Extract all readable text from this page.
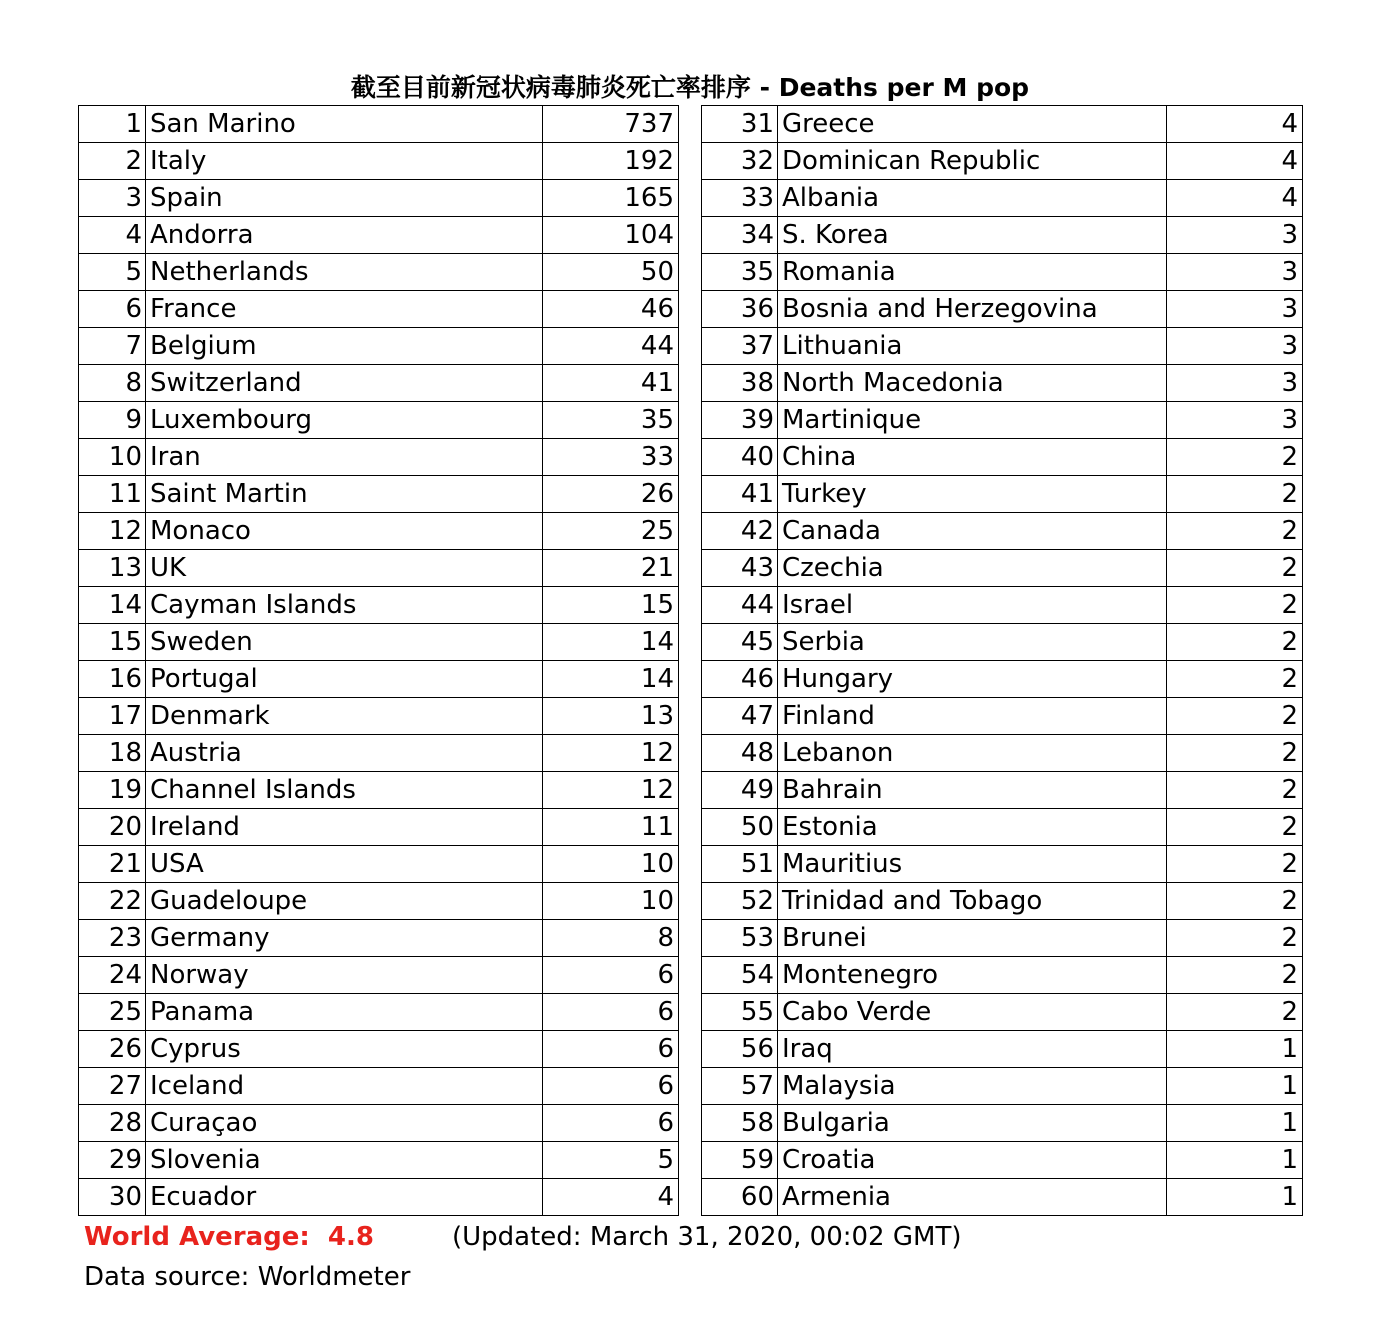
截至目前新冠状病毒肺炎死亡率排序 - Deaths per M pop
1	San Marino	737
2	Italy	192
3	Spain	165
4	Andorra	104
5	Netherlands	50
6	France	46
7	Belgium	44
8	Switzerland	41
9	Luxembourg	35
10	Iran	33
11	Saint Martin	26
12	Monaco	25
13	UK	21
14	Cayman Islands	15
15	Sweden	14
16	Portugal	14
17	Denmark	13
18	Austria	12
19	Channel Islands	12
20	Ireland	11
21	USA	10
22	Guadeloupe	10
23	Germany	8
24	Norway	6
25	Panama	6
26	Cyprus	6
27	Iceland	6
28	Curaçao	6
29	Slovenia	5
30	Ecuador	4
31	Greece	4
32	Dominican Republic	4
33	Albania	4
34	S. Korea	3
35	Romania	3
36	Bosnia and Herzegovina	3
37	Lithuania	3
38	North Macedonia	3
39	Martinique	3
40	China	2
41	Turkey	2
42	Canada	2
43	Czechia	2
44	Israel	2
45	Serbia	2
46	Hungary	2
47	Finland	2
48	Lebanon	2
49	Bahrain	2
50	Estonia	2
51	Mauritius	2
52	Trinidad and Tobago	2
53	Brunei	2
54	Montenegro	2
55	Cabo Verde	2
56	Iraq	1
57	Malaysia	1
58	Bulgaria	1
59	Croatia	1
60	Armenia	1
World Average:  4.8	(Updated: March 31, 2020, 00:02 GMT)
Data source: Worldmeter
